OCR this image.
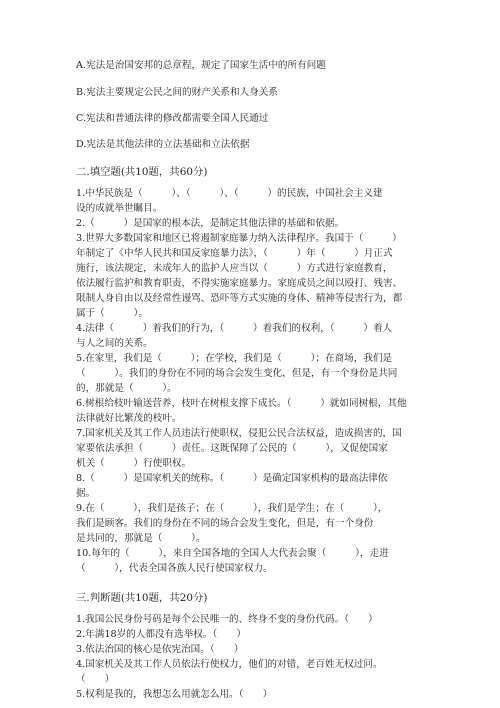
A.宪法是治国安邦的总章程，规定了国家生活中的所有问题
B.宪法主要规定公民之间的财产关系和人身关系
C.宪法和普通法律的修改都需要全国人民通过
D.宪法是其他法律的立法基础和立法依据
二.填空题(共10题，共60分)
1.中华民族是（　　　）、（　　　）、（　　　）的民族，中国社会主义建
设的成就举世瞩目。
2.（　　　）是国家的根本法，是制定其他法律的基础和依据。
3.世界大多数国家和地区已将遏制家庭暴力纳入法律程序。我国于（　　　）
年制定了《中华人民共和国反家庭暴力法》，（　　　）年（　　　）月正式
施行，该法规定，未成年人的监护人应当以（　　　）方式进行家庭教育，
依法履行监护和教育职责，不得实施家庭暴力。家庭成员之间以殴打、残害、
限制人身自由以及经常性谩骂、恐吓等方式实施的身体、精神等侵害行为，都
属于（　　　）。
4.法律（　　　）着我们的行为，（　　　）着我们的权利，（　　　）着人
与人之间的关系。
5.在家里，我们是（　　　）；在学校，我们是（　　　）；在商场，我们是
（　　　）。我们的身份在不同的场合会发生变化，但是，有一个身份是共同
的，那就是（　　　）。
6.树根给枝叶输送营养，枝叶在树根支撑下成长。（　　　）就如同树根，其他
法律就好比繁茂的枝叶。
7.国家机关及其工作人员违法行使职权，侵犯公民合法权益，造成损害的，国
家要依法承担（　　　）责任。这既保障了公民的（　　　），又促使国家
机关（　　　）行使职权。
8.（　　　）是国家机关的统称。（　　　）是确定国家机构的最高法律依
据。
9.在（　　　），我们是孩子；在（　　　），我们是学生；在（　　　），
我们是顾客。我们的身份在不同的场合会发生变化，但是，有一个身份
是共同的，那就是（　　　）。
10.每年的（　　　），来自全国各地的全国人大代表会聚（　　　），走进
（　　　），代表全国各族人民行使国家权力。
三.判断题(共10题，共20分)
1.我国公民身份号码是每个公民唯一的、终身不变的身份代码。（　　）
2.年满18岁的人都没有选举权。（　　）
3.依法治国的核心是依宪治国。（　　）
4.国家机关及其工作人员依法行使权力，他们的对错，老百姓无权过问。
（　　）
5.权利是我的，我想怎么用就怎么用。（　　）
